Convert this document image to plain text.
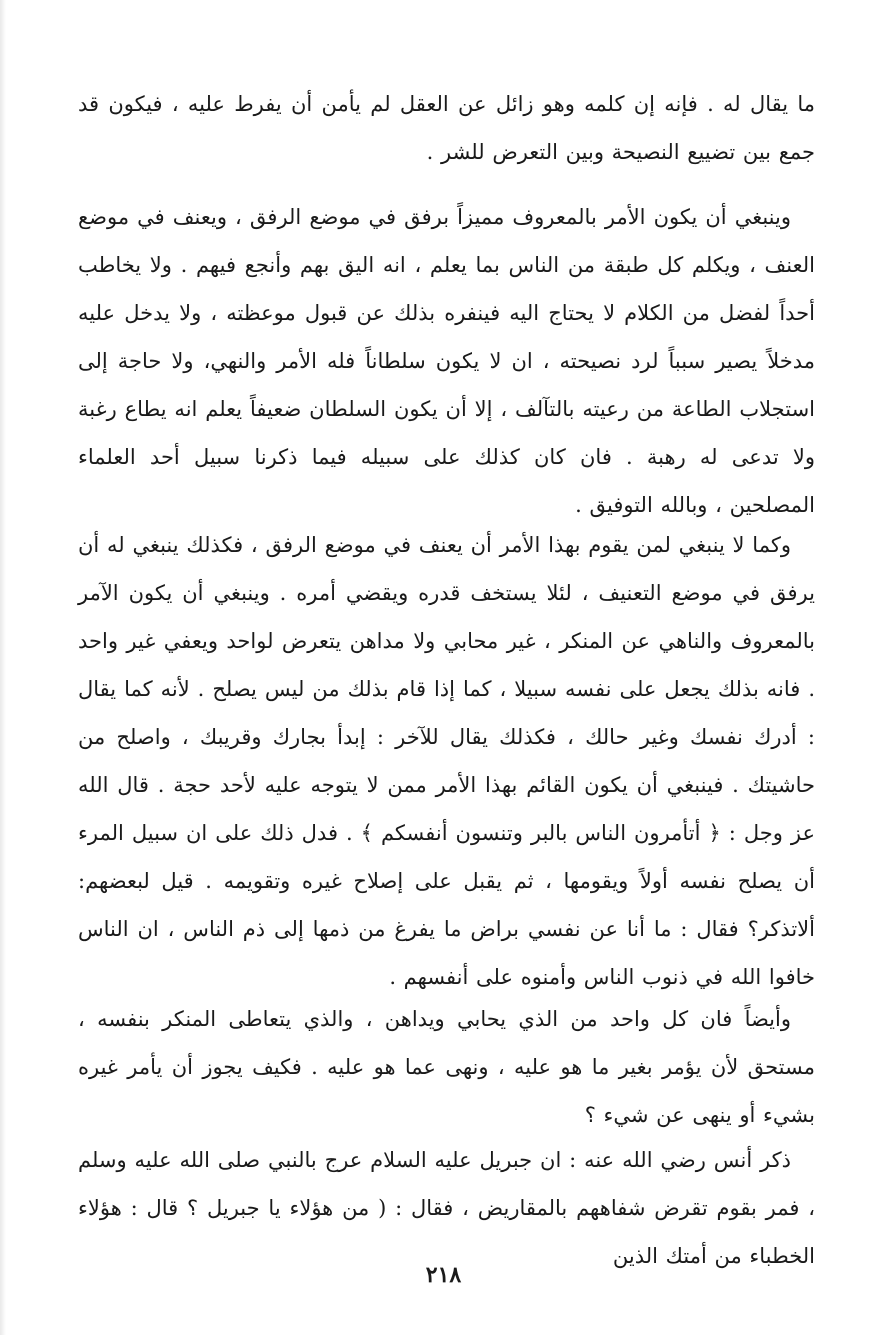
ما يقال له . فإنه إن كلمه وهو زائل عن العقل لم يأمن أن يفرط عليه ، فيكون قد جمع بين تضييع النصيحة وبين التعرض للشر .

وينبغي أن يكون الأمر بالمعروف مميزاً برفق في موضع الرفق ، ويعنف في موضع العنف ، ويكلم كل طبقة من الناس بما يعلم ، انه اليق بهم وأنجع فيهم . ولا يخاطب أحداً لفضل من الكلام لا يحتاج اليه فينفره بذلك عن قبول موعظته ، ولا يدخل عليه مدخلاً يصير سبباً لرد نصيحته ، ان لا يكون سلطاناً فله الأمر والنهي، ولا حاجة إلى استجلاب الطاعة من رعيته بالتآلف ، إلا أن يكون السلطان ضعيفاً يعلم انه يطاع رغبة ولا تدعى له رهبة . فان كان كذلك على سبيله فيما ذكرنا سبيل أحد العلماء المصلحين ، وبالله التوفيق .

وكما لا ينبغي لمن يقوم بهذا الأمر أن يعنف في موضع الرفق ، فكذلك ينبغي له أن يرفق في موضع التعنيف ، لئلا يستخف قدره ويقضي أمره . وينبغي أن يكون الآمر بالمعروف والناهي عن المنكر ، غير محابي ولا مداهن يتعرض لواحد ويعفي غير واحد . فانه بذلك يجعل على نفسه سبيلا ، كما إذا قام بذلك من ليس يصلح . لأنه كما يقال : أدرك نفسك وغير حالك ، فكذلك يقال للآخر : إبدأ بجارك وقريبك ، واصلح من حاشيتك . فينبغي أن يكون القائم بهذا الأمر ممن لا يتوجه عليه لأحد حجة . قال الله عز وجل : ﴿ أتأمرون الناس بالبر وتنسون أنفسكم ﴾ . فدل ذلك على ان سبيل المرء أن يصلح نفسه أولاً ويقومها ، ثم يقبل على إصلاح غيره وتقويمه . قيل لبعضهم: ألاتذكر؟ فقال : ما أنا عن نفسي براض ما يفرغ من ذمها إلى ذم الناس ، ان الناس خافوا الله في ذنوب الناس وأمنوه على أنفسهم .

وأيضاً فان كل واحد من الذي يحابي ويداهن ، والذي يتعاطى المنكر بنفسه ، مستحق لأن يؤمر بغير ما هو عليه ، ونهى عما هو عليه . فكيف يجوز أن يأمر غيره بشيء أو ينهى عن شيء ؟

ذكر أنس رضي الله عنه : ان جبريل عليه السلام عرج بالنبي صلى الله عليه وسلم ، فمر بقوم تقرض شفاههم بالمقاريض ، فقال : ( من هؤلاء يا جبريل ؟ قال : هؤلاء الخطباء من أمتك الذين

٢١٨
